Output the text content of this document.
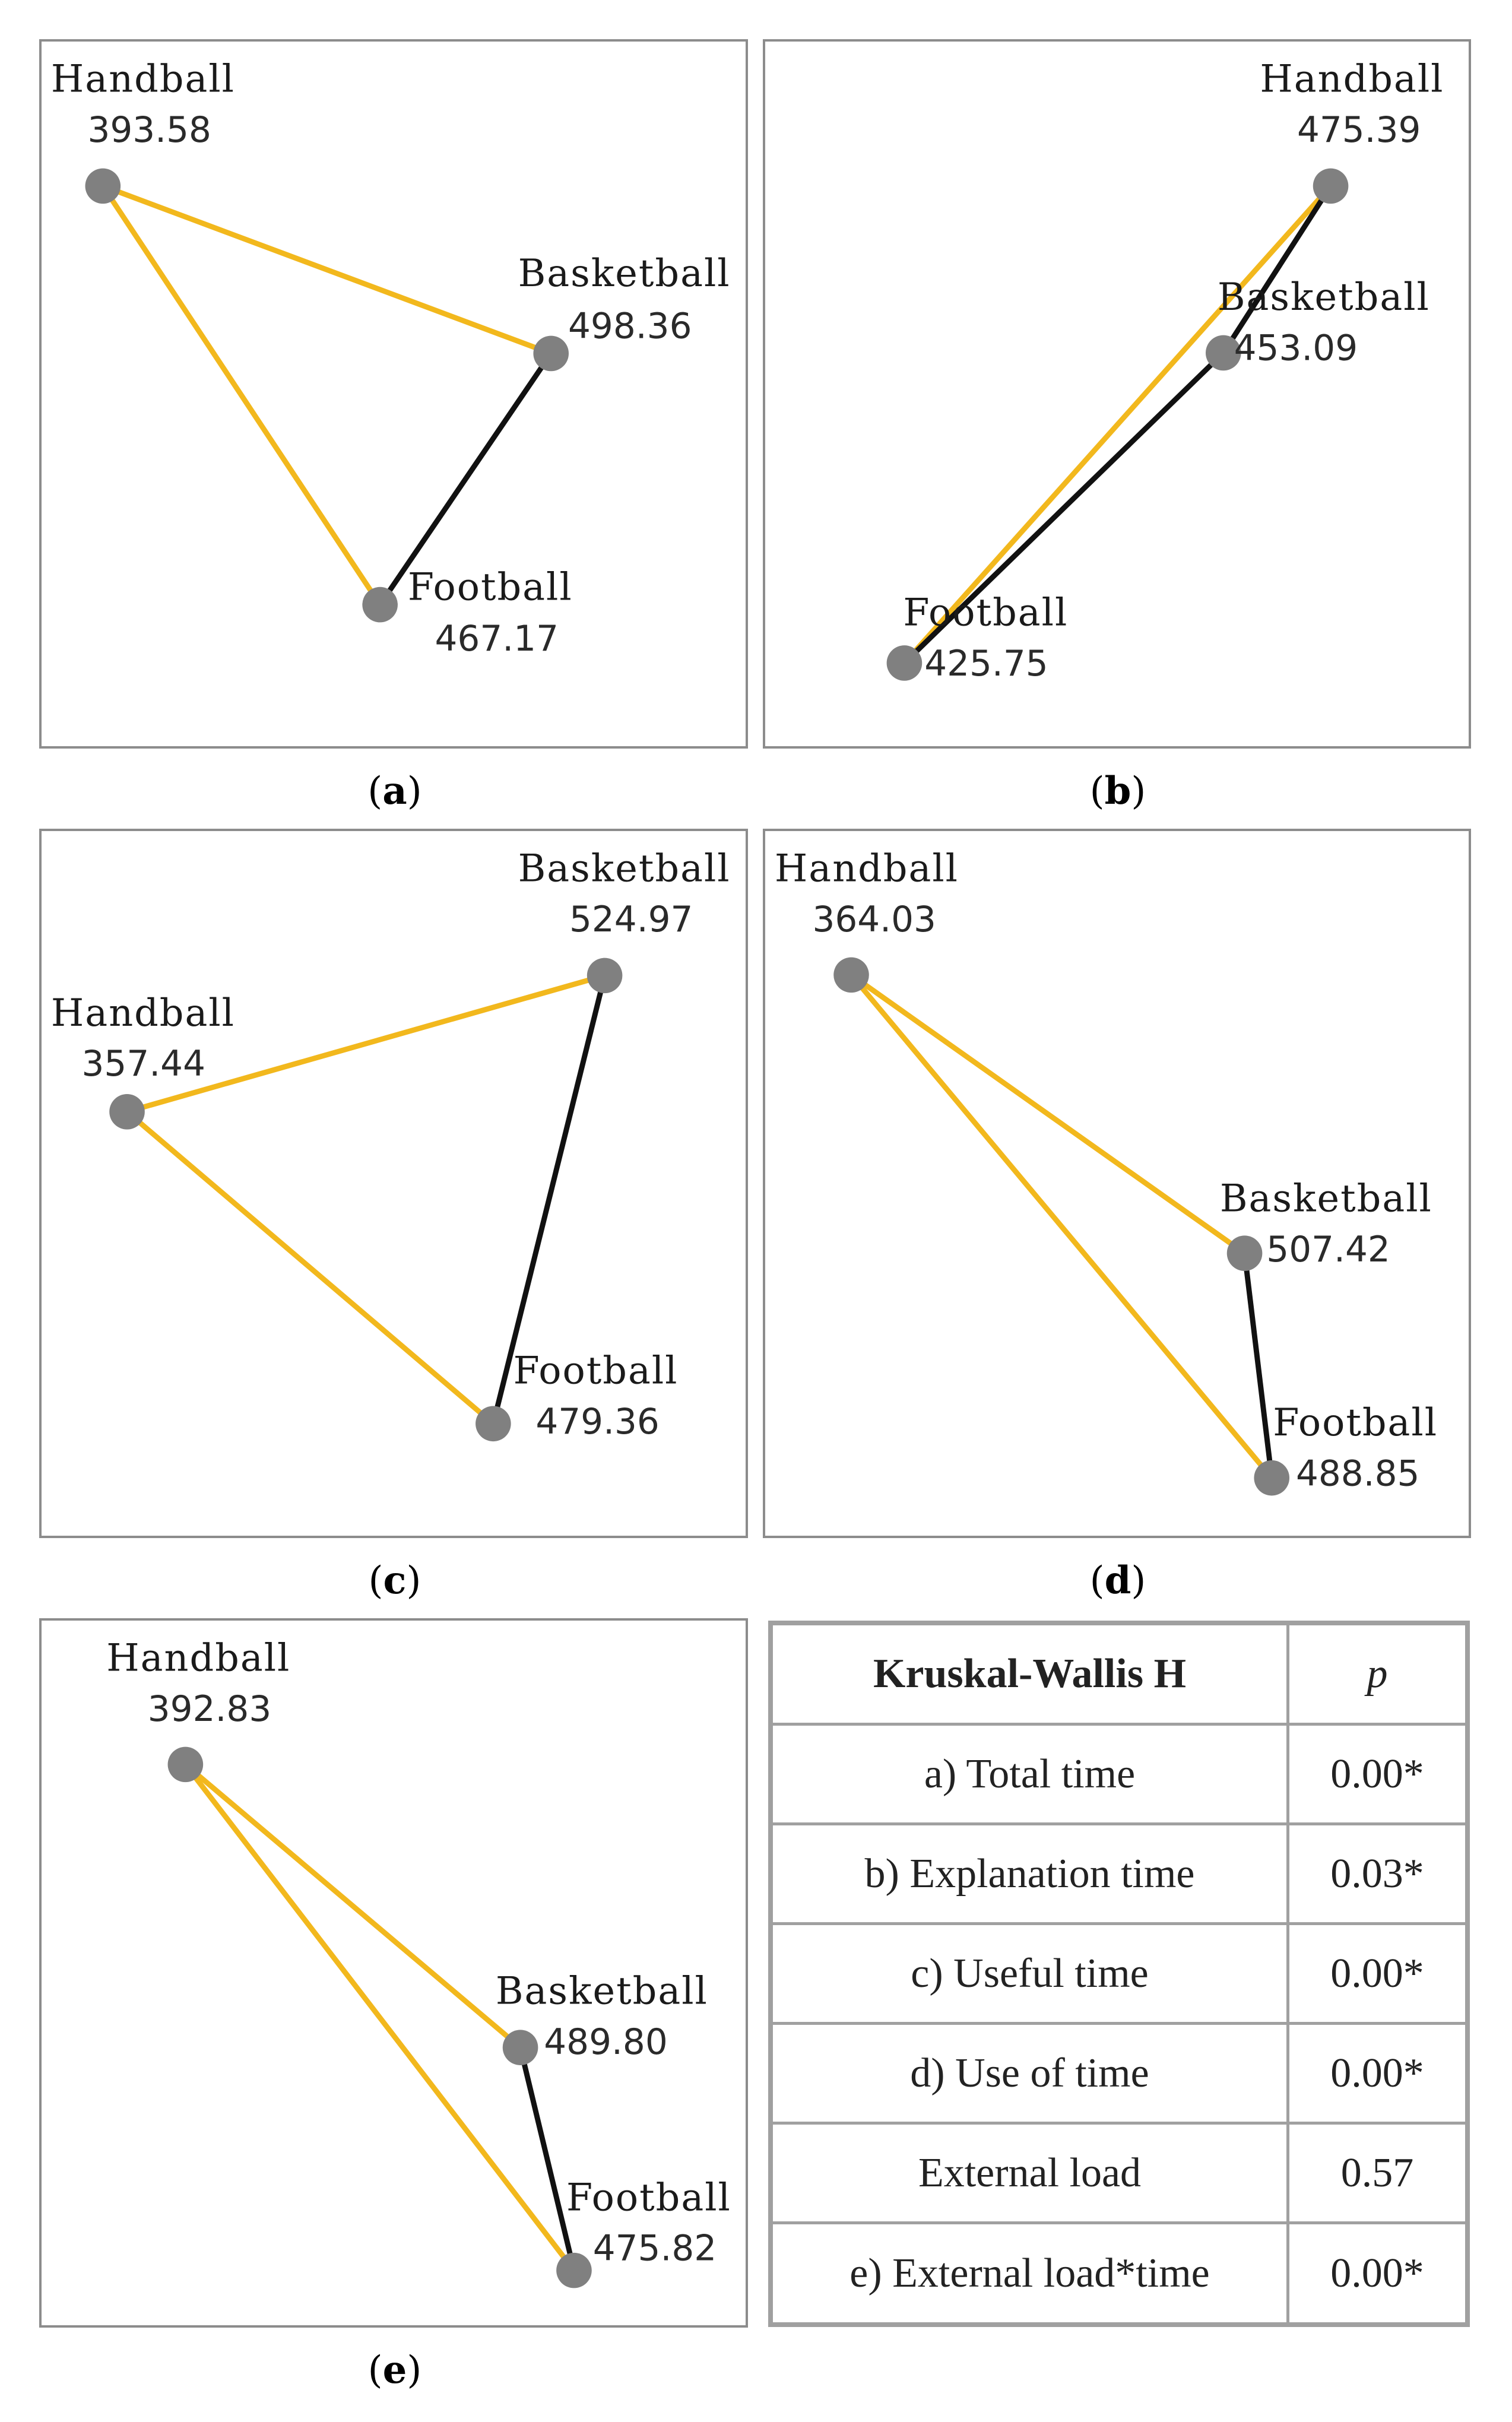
Handball
393.58
Basketball
498.36
Football
467.17
(a)
Handball
475.39
Basketball
453.09
Football
425.75
(b)
Handball
357.44
Basketball
524.97
Football
479.36
(c)
Handball
364.03
Basketball
507.42
Football
488.85
(d)
Handball
392.83
Basketball
489.80
Football
475.82
(e)
Kruskal-Wallis H	p
a) Total time	0.00*
b) Explanation time	0.03*
c) Useful time	0.00*
d) Use of time	0.00*
External load	0.57
e) External load*time	0.00*
